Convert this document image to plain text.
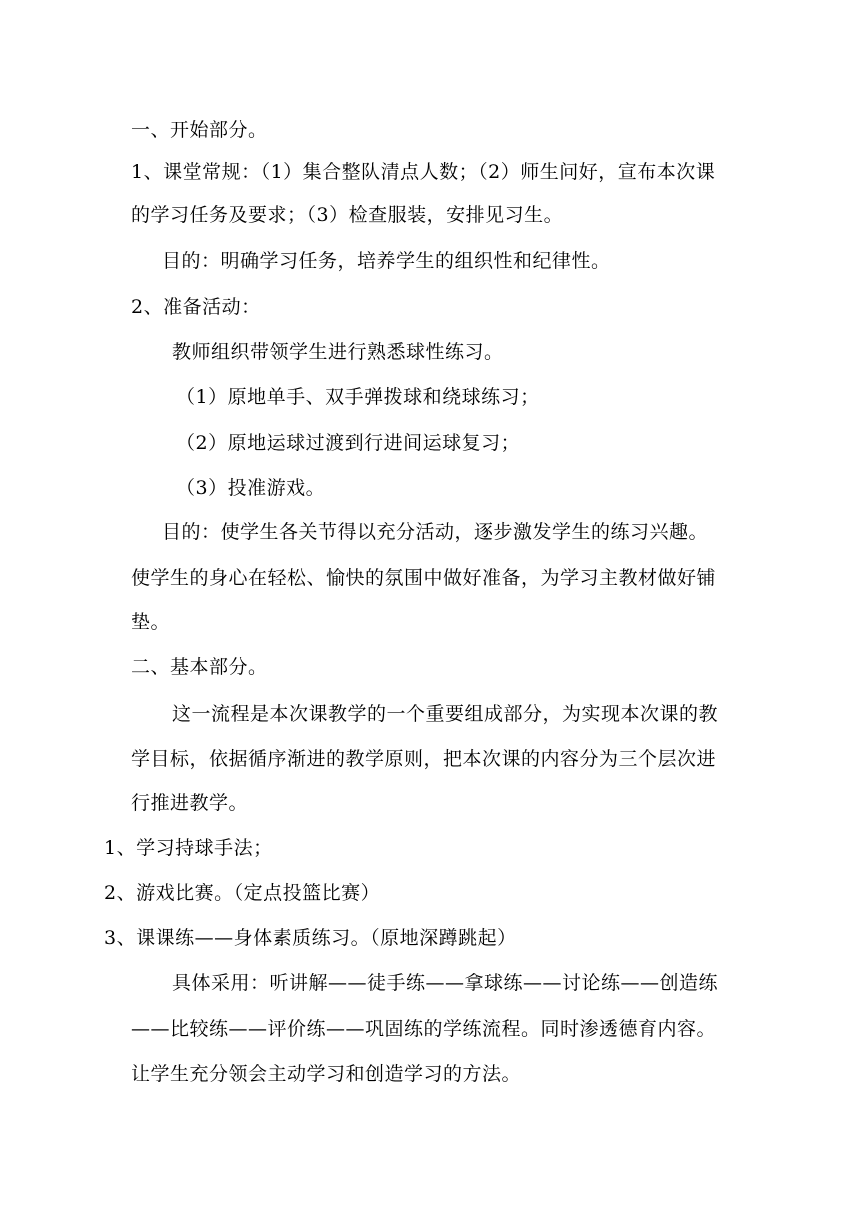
一、开始部分。
1、课堂常规：（1）集合整队清点人数；（2）师生问好，宣布本次课
的学习任务及要求；（3）检查服装，安排见习生。
目的：明确学习任务，培养学生的组织性和纪律性。
2、准备活动：
教师组织带领学生进行熟悉球性练习。
（1）原地单手、双手弹拨球和绕球练习；
（2）原地运球过渡到行进间运球复习；
（3）投准游戏。
目的：使学生各关节得以充分活动，逐步激发学生的练习兴趣。
使学生的身心在轻松、愉快的氛围中做好准备，为学习主教材做好铺
垫。
二、基本部分。
这一流程是本次课教学的一个重要组成部分，为实现本次课的教
学目标，依据循序渐进的教学原则，把本次课的内容分为三个层次进
行推进教学。
1、学习持球手法；
2、游戏比赛。（定点投篮比赛）
3、课课练——身体素质练习。（原地深蹲跳起）
具体采用：听讲解——徒手练——拿球练——讨论练——创造练
——比较练——评价练——巩固练的学练流程。同时渗透德育内容。
让学生充分领会主动学习和创造学习的方法。
